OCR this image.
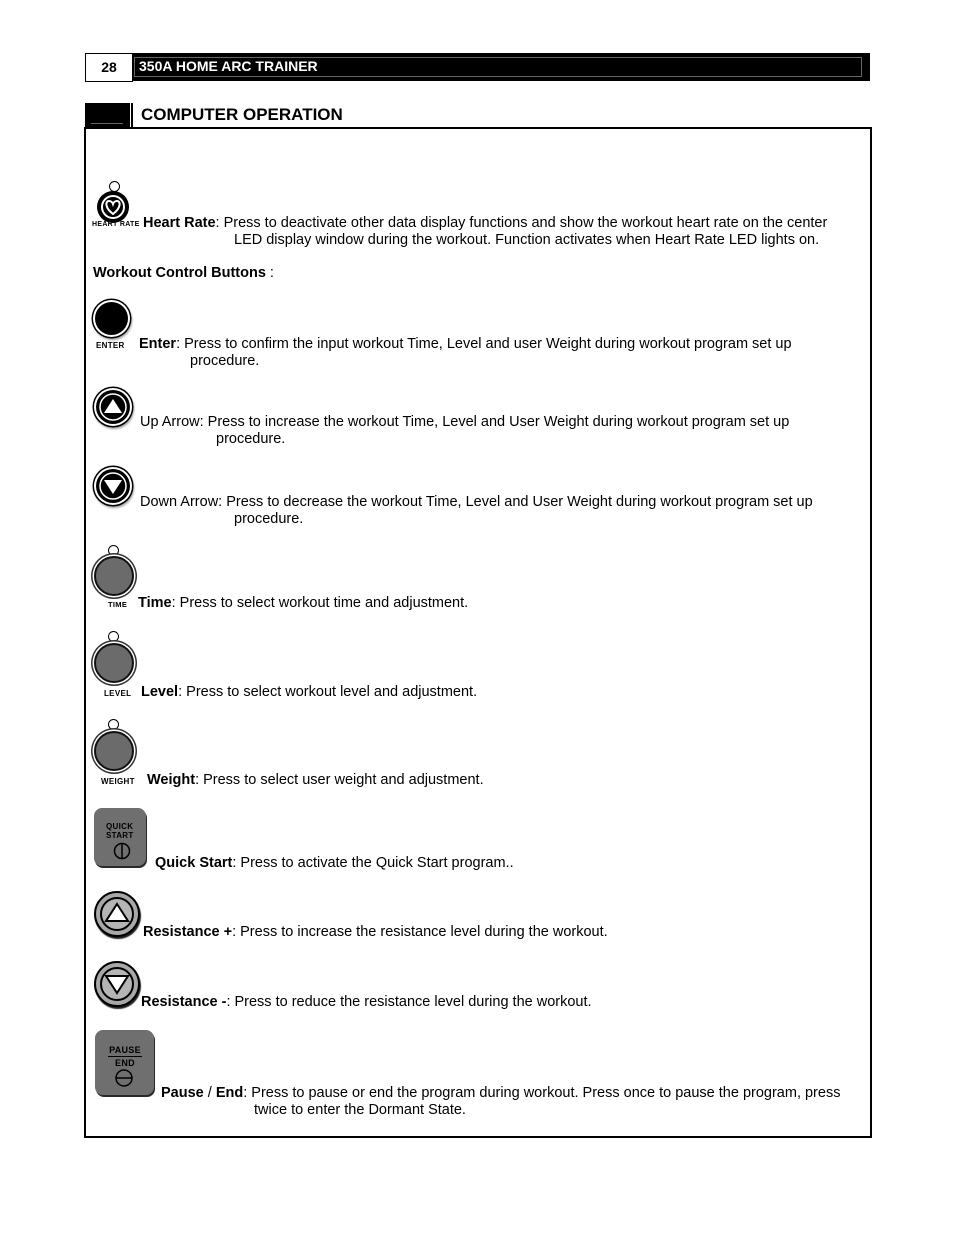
28	350A HOME ARC TRAINER
COMPUTER OPERATION
HEART RATE Heart Rate: Press to deactivate other data display functions and show the workout heart rate on the center
LED display window during the workout. Function activates when Heart Rate LED lights on.
Workout Control Buttons :
ENTER Enter: Press to confirm the input workout Time, Level and user Weight during workout program set up
procedure.
Up Arrow: Press to increase the workout Time, Level and User Weight during workout program set up
procedure.
Down Arrow: Press to decrease the workout Time, Level and User Weight during workout program set up
procedure.
TIME Time: Press to select workout time and adjustment.
LEVEL Level: Press to select workout level and adjustment.
WEIGHT Weight: Press to select user weight and adjustment.
QUICK
START
Quick Start: Press to activate the Quick Start program..
Resistance +: Press to increase the resistance level during the workout.
Resistance -: Press to reduce the resistance level during the workout.
PAUSE
END
Pause / End: Press to pause or end the program during workout. Press once to pause the program, press
twice to enter the Dormant State.
